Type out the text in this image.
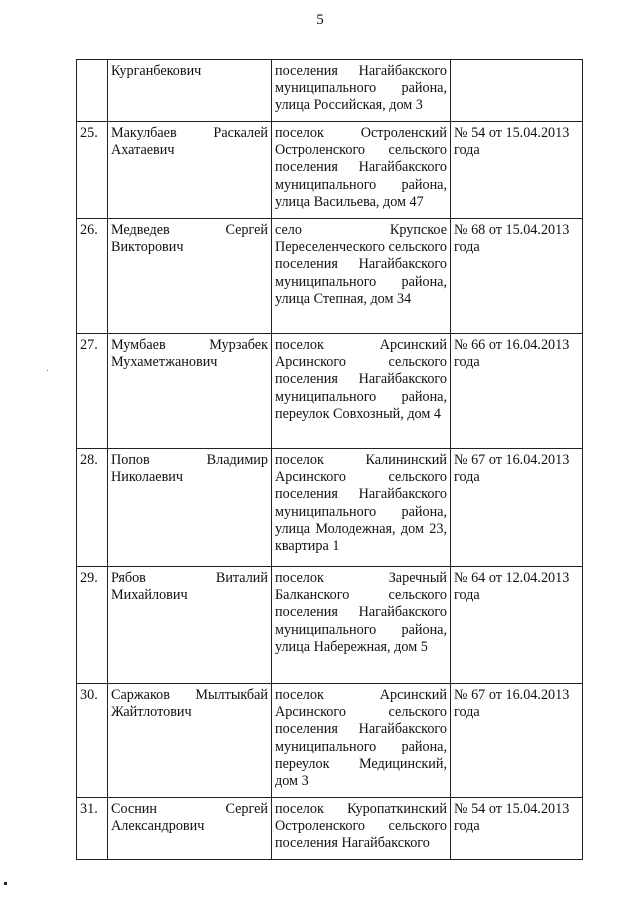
5
	Курганбекович	поселения Нагайбакского муниципального района, улица Российская, дом 3	
25.	Макулбаев Раскалей Ахатаевич	поселок Остроленский Остроленского сельского поселения Нагайбакского муниципального района, улица Васильева, дом 47	№ 54 от 15.04.2013 года
26.	Медведев Сергей Викторович	село Крупское Переселенческого сельского поселения Нагайбакского муниципального района, улица Степная, дом 34	№ 68 от 15.04.2013 года
27.	Мумбаев Мурзабек Мухаметжанович	поселок Арсинский Арсинского сельского поселения Нагайбакского муниципального района, переулок Совхозный, дом 4	№ 66 от 16.04.2013 года
28.	Попов Владимир Николаевич	поселок Калининский Арсинского сельского поселения Нагайбакского муниципального района, улица Молодежная, дом 23, квартира 1	№ 67 от 16.04.2013 года
29.	Рябов Виталий Михайлович	поселок Заречный Балканского сельского поселения Нагайбакского муниципального района, улица Набережная, дом 5	№ 64 от 12.04.2013 года
30.	Саржаков Мылтыкбай Жайтлотович	поселок Арсинский Арсинского сельского поселения Нагайбакского муниципального района, переулок Медицинский, дом 3	№ 67 от 16.04.2013 года
31.	Соснин Сергей Александрович	поселок Куропаткинский Остроленского сельского поселения Нагайбакского	№ 54 от 15.04.2013 года
